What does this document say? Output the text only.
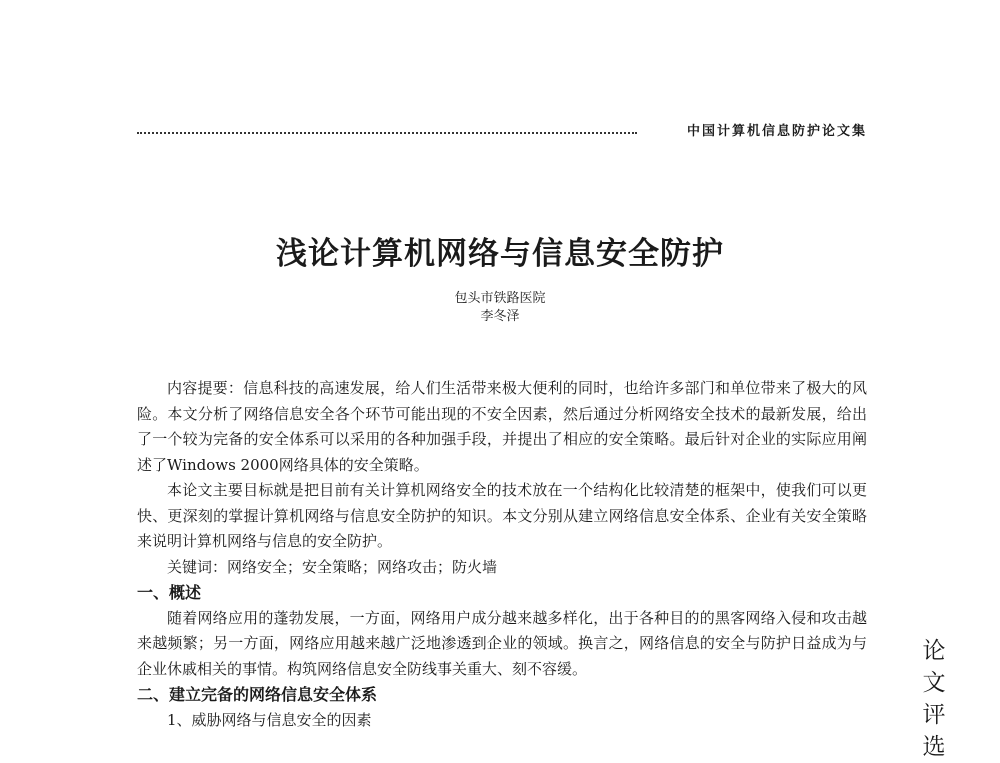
中国计算机信息防护论文集
浅论计算机网络与信息安全防护
包头市铁路医院
李冬泽

内容提要：信息科技的高速发展，给人们生活带来极大便利的同时，也给许多部门和单位带来了极大的风险。本文分析了网络信息安全各个环节可能出现的不安全因素，然后通过分析网络安全技术的最新发展，给出了一个较为完备的安全体系可以采用的各种加强手段，并提出了相应的安全策略。最后针对企业的实际应用阐述了Windows 2000网络具体的安全策略。

本论文主要目标就是把目前有关计算机网络安全的技术放在一个结构化比较清楚的框架中，使我们可以更快、更深刻的掌握计算机网络与信息安全防护的知识。本文分别从建立网络信息安全体系、企业有关安全策略来说明计算机网络与信息的安全防护。

关键词：网络安全；安全策略；网络攻击；防火墙

一、概述

随着网络应用的蓬勃发展，一方面，网络用户成分越来越多样化，出于各种目的的黑客网络入侵和攻击越来越频繁；另一方面，网络应用越来越广泛地渗透到企业的领域。换言之，网络信息的安全与防护日益成为与企业休戚相关的事情。构筑网络信息安全防线事关重大、刻不容缓。

二、建立完备的网络信息安全体系

1、威胁网络与信息安全的因素

论
文
评
选
